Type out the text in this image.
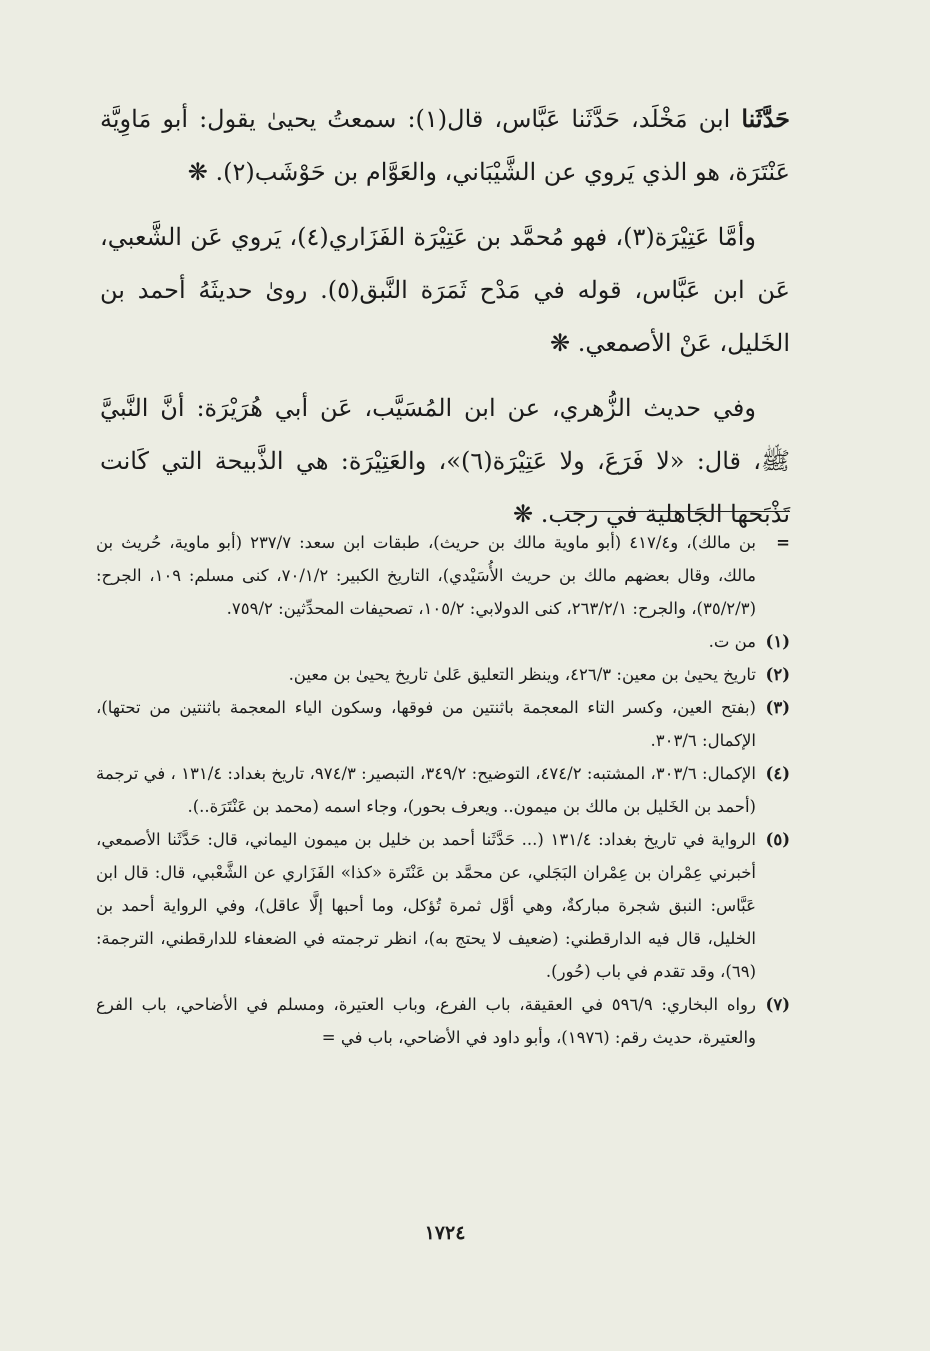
حَدَّثَنا ابن مَخْلَد، حَدَّثَنا عَبَّاس، قال(١): سمعتُ يحيىٰ يقول: أبو مَاوِيَّة عَنْتَرَة، هو الذي يَروي عن الشَّيْبَاني، والعَوَّام بن حَوْشَب(٢). ❋

وأمَّا عَتِيْرَة(٣)، فهو مُحمَّد بن عَتِيْرَة الفَزَاري(٤)، يَروي عَن الشَّعبي، عَن ابن عَبَّاس، قوله في مَدْح ثَمَرَة النَّبق(٥). روىٰ حديثَهُ أحمد بن الخَليل، عَنْ الأصمعي. ❋

وفي حديث الزُّهري، عن ابن المُسَيَّب، عَن أبي هُرَيْرَة: أنَّ النَّبيَّ ﷺ، قال: «لا فَرَعَ، ولا عَتِيْرَة(٦)»، والعَتِيْرَة: هي الذَّبيحة التي كَانت تَذْبَحها الجَاهلية في رجب. ❋

=
بن مالك)، و٤١٧/٤ (أبو ماوية مالك بن حريث)، طبقات ابن سعد: ٢٣٧/٧ (أبو ماوية، حُريث بن مالك، وقال بعضهم مالك بن حريث الأُسَيْدي)، التاريخ الكبير: ٧٠/١/٢، كنى مسلم: ١٠٩، الجرح: (٣٥/٢/٣)، والجرح: ٢٦٣/٢/١، كنى الدولابي: ١٠٥/٢، تصحيفات المحدِّثين: ٧٥٩/٢.

(١)
من ت.

(٢)
تاريخ يحيىٰ بن معين: ٤٢٦/٣، وينظر التعليق عَلىٰ تاريخ يحيىٰ بن معين.

(٣)
(بفتح العين، وكسر التاء المعجمة باثنتين من فوقها، وسكون الياء المعجمة باثنتين من تحتها)، الإكمال: ٣٠٣/٦.

(٤)
الإكمال: ٣٠٣/٦، المشتبه: ٤٧٤/٢، التوضيح: ٣٤٩/٢، التبصير: ٩٧٤/٣، تاريخ بغداد: ١٣١/٤ ، في ترجمة (أحمد بن الخَليل بن مالك بن ميمون.. ويعرف بحور)، وجاء اسمه (محمد بن عَنْتَرَة..).

(٥)
الرواية في تاريخ بغداد: ١٣١/٤ (... حَدَّثَنا أحمد بن خليل بن ميمون اليماني، قال: حَدَّثَنا الأصمعي، أخبرني عِمْران بن عِمْران البَجَلي، عن محمَّد بن عَنْتَرة «كذا» الفَزَاري عن الشَّعْبي، قال: قال ابن عَبَّاس: النبق شجرة مباركةٌ، وهي أوَّل ثمرة تُؤكل، وما أحبها إلَّا عاقل)، وفي الرواية أحمد بن الخليل، قال فيه الدارقطني: (ضعيف لا يحتج به)، انظر ترجمته في الضعفاء للدارقطني، الترجمة: (٦٩)، وقد تقدم في باب (حُور).

(٧)
رواه البخاري: ٥٩٦/٩ في العقيقة، باب الفرع، وباب العتيرة، ومسلم في الأضاحي، باب الفرع والعتيرة، حديث رقم: (١٩٧٦)، وأبو داود في الأضاحي، باب في =

١٧٢٤
